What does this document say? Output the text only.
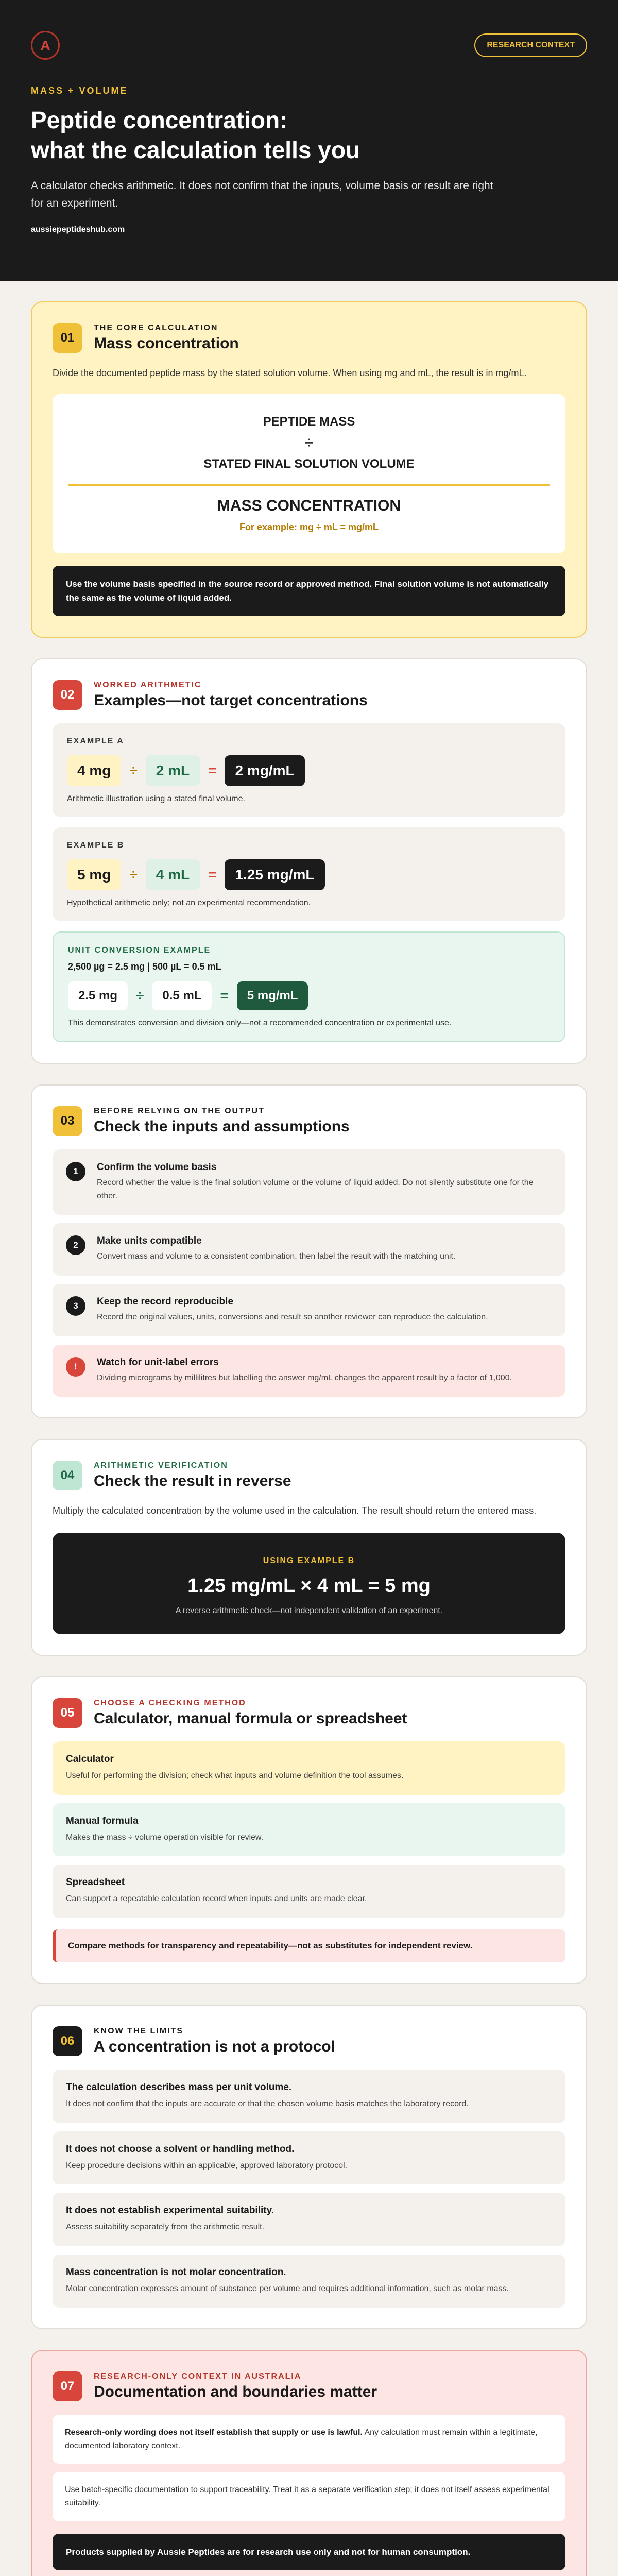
A	RESEARCH CONTEXT
MASS + VOLUME
Peptide concentration:
what the calculation tells you

A calculator checks arithmetic. It does not confirm that the inputs, volume basis or result are right for an experiment.

aussiepeptideshub.com
01
THE CORE CALCULATION
Mass concentration

Divide the documented peptide mass by the stated solution volume. When using mg and mL, the result is in mg/mL.

PEPTIDE MASS
÷
STATED FINAL SOLUTION VOLUME
MASS CONCENTRATION
For example: mg ÷ mL = mg/mL
Use the volume basis specified in the source record or approved method. Final solution volume is not automatically the same as the volume of liquid added.
02
WORKED ARITHMETIC
Examples—not target concentrations
EXAMPLE A
4 mg	÷	2 mL	=	2 mg/mL

Arithmetic illustration using a stated final volume.

EXAMPLE B
5 mg	÷	4 mL	=	1.25 mg/mL

Hypothetical arithmetic only; not an experimental recommendation.

UNIT CONVERSION EXAMPLE
2,500 µg = 2.5 mg | 500 µL = 0.5 mL
2.5 mg	÷	0.5 mL	=	5 mg/mL

This demonstrates conversion and division only—not a recommended concentration or experimental use.

03
BEFORE RELYING ON THE OUTPUT
Check the inputs and assumptions
1	Confirm the volume basis

Record whether the value is the final solution volume or the volume of liquid added. Do not silently substitute one for the other.

2	Make units compatible

Convert mass and volume to a consistent combination, then label the result with the matching unit.

3	Keep the record reproducible

Record the original values, units, conversions and result so another reviewer can reproduce the calculation.

!	Watch for unit-label errors

Dividing micrograms by millilitres but labelling the answer mg/mL changes the apparent result by a factor of 1,000.

04
ARITHMETIC VERIFICATION
Check the result in reverse

Multiply the calculated concentration by the volume used in the calculation. The result should return the entered mass.

USING EXAMPLE B
1.25 mg/mL × 4 mL = 5 mg
A reverse arithmetic check—not independent validation of an experiment.
05
CHOOSE A CHECKING METHOD
Calculator, manual formula or spreadsheet
Calculator

Useful for performing the division; check what inputs and volume definition the tool assumes.

Manual formula

Makes the mass ÷ volume operation visible for review.

Spreadsheet

Can support a repeatable calculation record when inputs and units are made clear.

Compare methods for transparency and repeatability—not as substitutes for independent review.
06
KNOW THE LIMITS
A concentration is not a protocol
The calculation describes mass per unit volume.

It does not confirm that the inputs are accurate or that the chosen volume basis matches the laboratory record.

It does not choose a solvent or handling method.

Keep procedure decisions within an applicable, approved laboratory protocol.

It does not establish experimental suitability.

Assess suitability separately from the arithmetic result.

Mass concentration is not molar concentration.

Molar concentration expresses amount of substance per volume and requires additional information, such as molar mass.

07
RESEARCH-ONLY CONTEXT IN AUSTRALIA
Documentation and boundaries matter
Research-only wording does not itself establish that supply or use is lawful. Any calculation must remain within a legitimate, documented laboratory context.
Use batch-specific documentation to support traceability. Treat it as a separate verification step; it does not itself assess experimental suitability.
Products supplied by Aussie Peptides are for research use only and not for human consumption.
